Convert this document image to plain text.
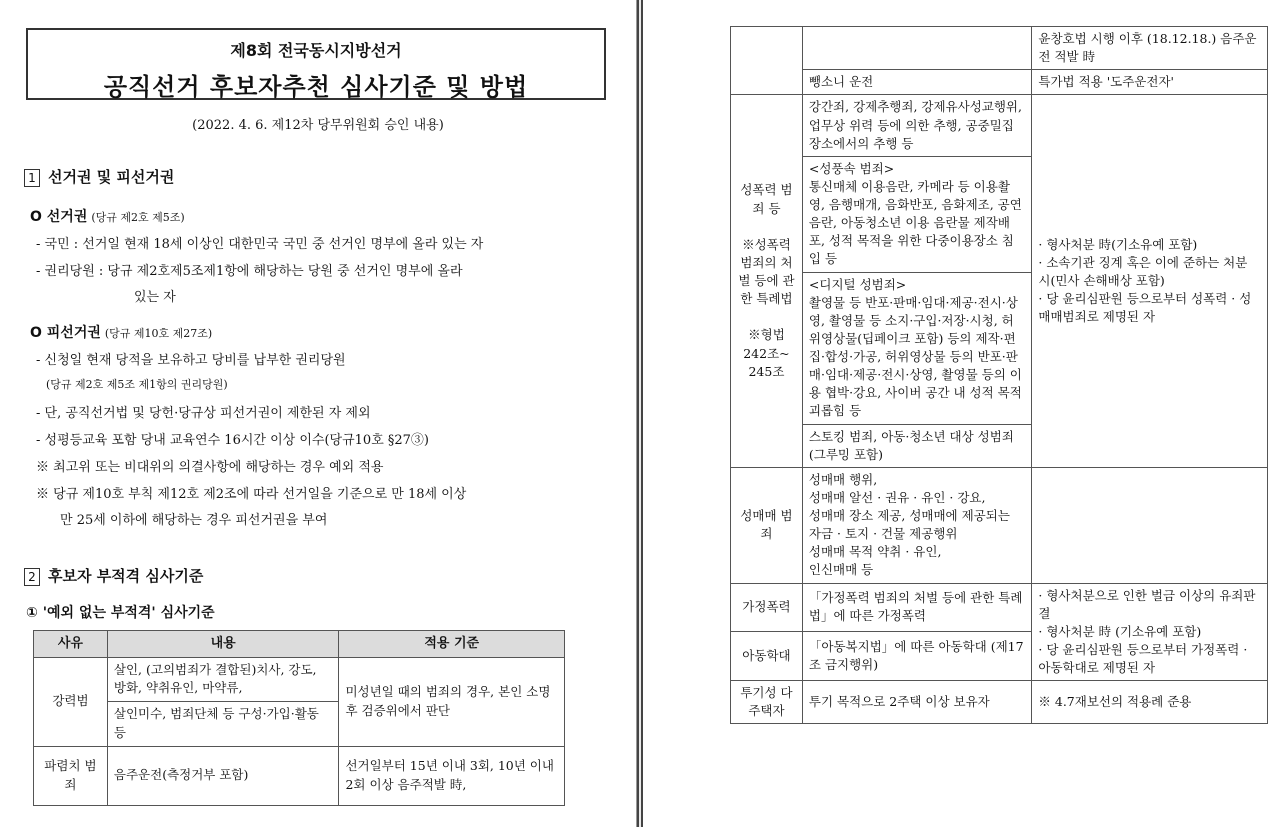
제8회 전국동시지방선거
공직선거 후보자추천 심사기준 및 방법
(2022. 4. 6. 제12차 당무위원회 승인 내용)
1 선거권 및 피선거권
O 선거권 (당규 제2호 제5조)
- 국민 : 선거일 현재 18세 이상인 대한민국 국민 중 선거인 명부에 올라 있는 자
- 권리당원 : 당규 제2호제5조제1항에 해당하는 당원 중 선거인 명부에 올라
있는 자
O 피선거권 (당규 제10호 제27조)
- 신청일 현재 당적을 보유하고 당비를 납부한 권리당원
(당규 제2호 제5조 제1항의 권리당원)
- 단, 공직선거법 및 당헌·당규상 피선거권이 제한된 자 제외
- 성평등교육 포함 당내 교육연수 16시간 이상 이수(당규10호 §27③)
※ 최고위 또는 비대위의 의결사항에 해당하는 경우 예외 적용
※ 당규 제10호 부칙 제12호 제2조에 따라 선거일을 기준으로 만 18세 이상
만 25세 이하에 해당하는 경우 피선거권을 부여
2 후보자 부적격 심사기준
① '예외 없는 부적격' 심사기준
사유	내용	적용 기준
강력범	살인, (고의범죄가 결합된)치사, 강도, 방화, 약취유인, 마약류,	미성년일 때의 범죄의 경우, 본인 소명 후 검증위에서 판단
	살인미수, 범죄단체 등 구성·가입·활동 등	
파렴치 범죄	음주운전(측정거부 포함)	선거일부터 15년 이내 3회, 10년 이내 2회 이상 음주적발 時,
		윤창호법 시행 이후 (18.12.18.) 음주운전 적발 時
	뺑소니 운전	특가법 적용 '도주운전자'
성폭력 범죄 등

※성폭력 범죄의 처벌 등에 관한 특례법

※형법 242조~ 245조	강간죄, 강제추행죄, 강제유사성교행위, 업무상 위력 등에 의한 추행, 공중밀집장소에서의 추행 등	· 형사처분 時(기소유예 포함)
· 소속기관 징계 혹은 이에 준하는 처분 시(민사 손해배상 포함)
· 당 윤리심판원 등으로부터 성폭력 · 성매매범죄로 제명된 자
	<성풍속 범죄>
통신매체 이용음란, 카메라 등 이용촬영, 음행매개, 음화반포, 음화제조, 공연음란, 아동청소년 이용 음란물 제작배포, 성적 목적을 위한 다중이용장소 침입 등	
	<디지털 성범죄>
촬영물 등 반포·판매·임대·제공·전시·상영, 촬영물 등 소지·구입·저장·시청, 허위영상물(딥페이크 포함) 등의 제작·편집·합성·가공, 허위영상물 등의 반포·판매·임대·제공·전시·상영, 촬영물 등의 이용 협박·강요, 사이버 공간 내 성적 목적 괴롭힘 등	
	스토킹 범죄, 아동·청소년 대상 성범죄(그루밍 포함)	
성매매 범죄	성매매 행위,
성매매 알선 · 권유 · 유인 · 강요,
성매매 장소 제공, 성매매에 제공되는 자금 · 토지 · 건물 제공행위
성매매 목적 약취 · 유인,
인신매매 등	
가정폭력	「가정폭력 범죄의 처벌 등에 관한 특례법」에 따른 가정폭력	· 형사처분으로 인한 벌금 이상의 유죄판결
· 형사처분 時 (기소유예 포함)
· 당 윤리심판원 등으로부터 가정폭력 · 아동학대로 제명된 자
아동학대	「아동복지법」에 따른 아동학대 (제17조 금지행위)	
투기성 다주택자	투기 목적으로 2주택 이상 보유자	※ 4.7재보선의 적용례 준용
